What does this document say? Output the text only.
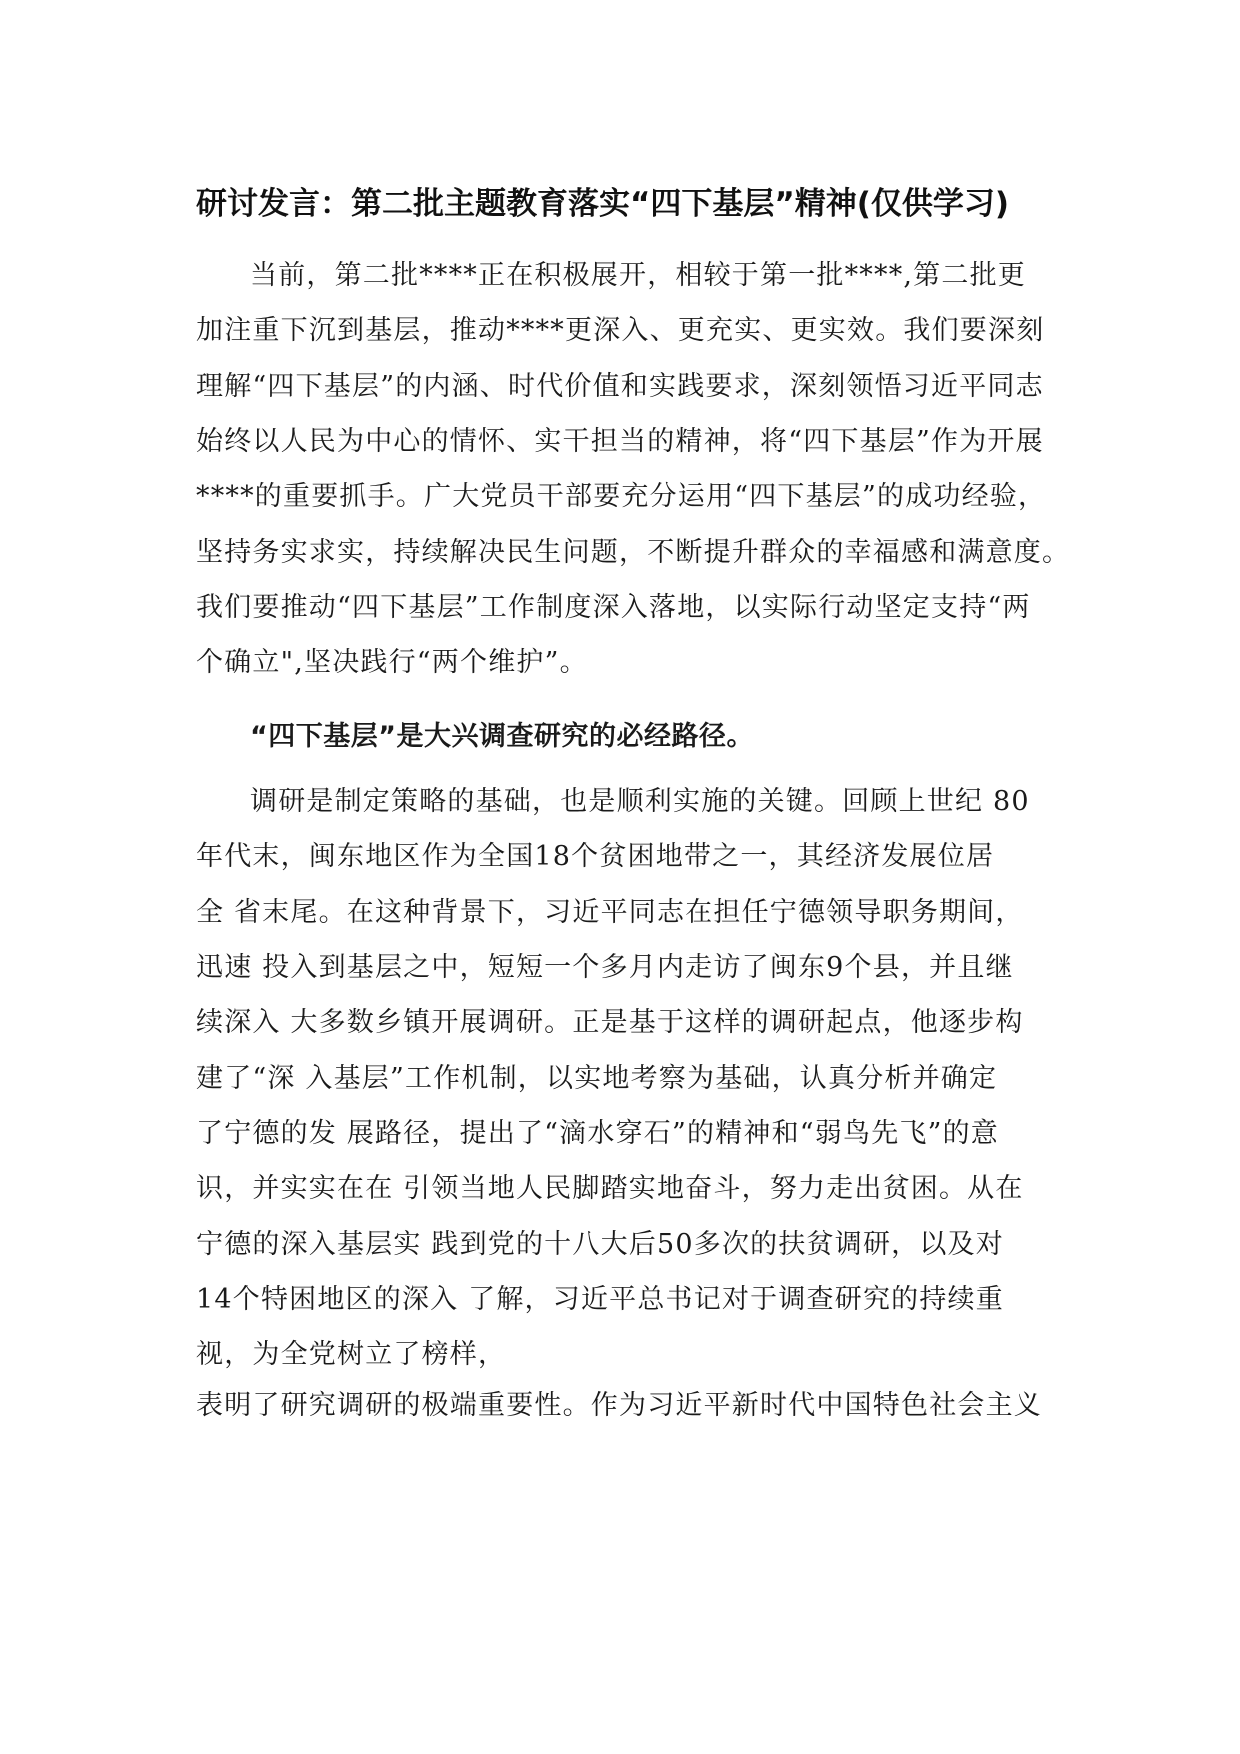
研讨发言：第二批主题教育落实“四下基层”精神(仅供学习)

当前，第二批****正在积极展开，相较于第一批****,第二批更

加注重下沉到基层，推动****更深入、更充实、更实效。我们要深刻

理解“四下基层”的内涵、时代价值和实践要求，深刻领悟习近平同志

始终以人民为中心的情怀、实干担当的精神，将“四下基层”作为开展

****的重要抓手。广大党员干部要充分运用“四下基层”的成功经验，

坚持务实求实，持续解决民生问题，不断提升群众的幸福感和满意度。

我们要推动“四下基层”工作制度深入落地，以实际行动坚定支持“两

个确立",坚决践行“两个维护”。

“四下基层”是大兴调查研究的必经路径。

调研是制定策略的基础，也是顺利实施的关键。回顾上世纪 80

年代末，闽东地区作为全国18个贫困地带之一，其经济发展位居

全 省末尾。在这种背景下，习近平同志在担任宁德领导职务期间，

迅速 投入到基层之中，短短一个多月内走访了闽东9个县，并且继

续深入 大多数乡镇开展调研。正是基于这样的调研起点，他逐步构

建了“深 入基层”工作机制，以实地考察为基础，认真分析并确定

了宁德的发 展路径，提出了“滴水穿石”的精神和“弱鸟先飞”的意

识，并实实在在 引领当地人民脚踏实地奋斗，努力走出贫困。从在

宁德的深入基层实 践到党的十八大后50多次的扶贫调研，以及对

14个特困地区的深入 了解，习近平总书记对于调查研究的持续重

视，为全党树立了榜样，

表明了研究调研的极端重要性。作为习近平新时代中国特色社会主义
